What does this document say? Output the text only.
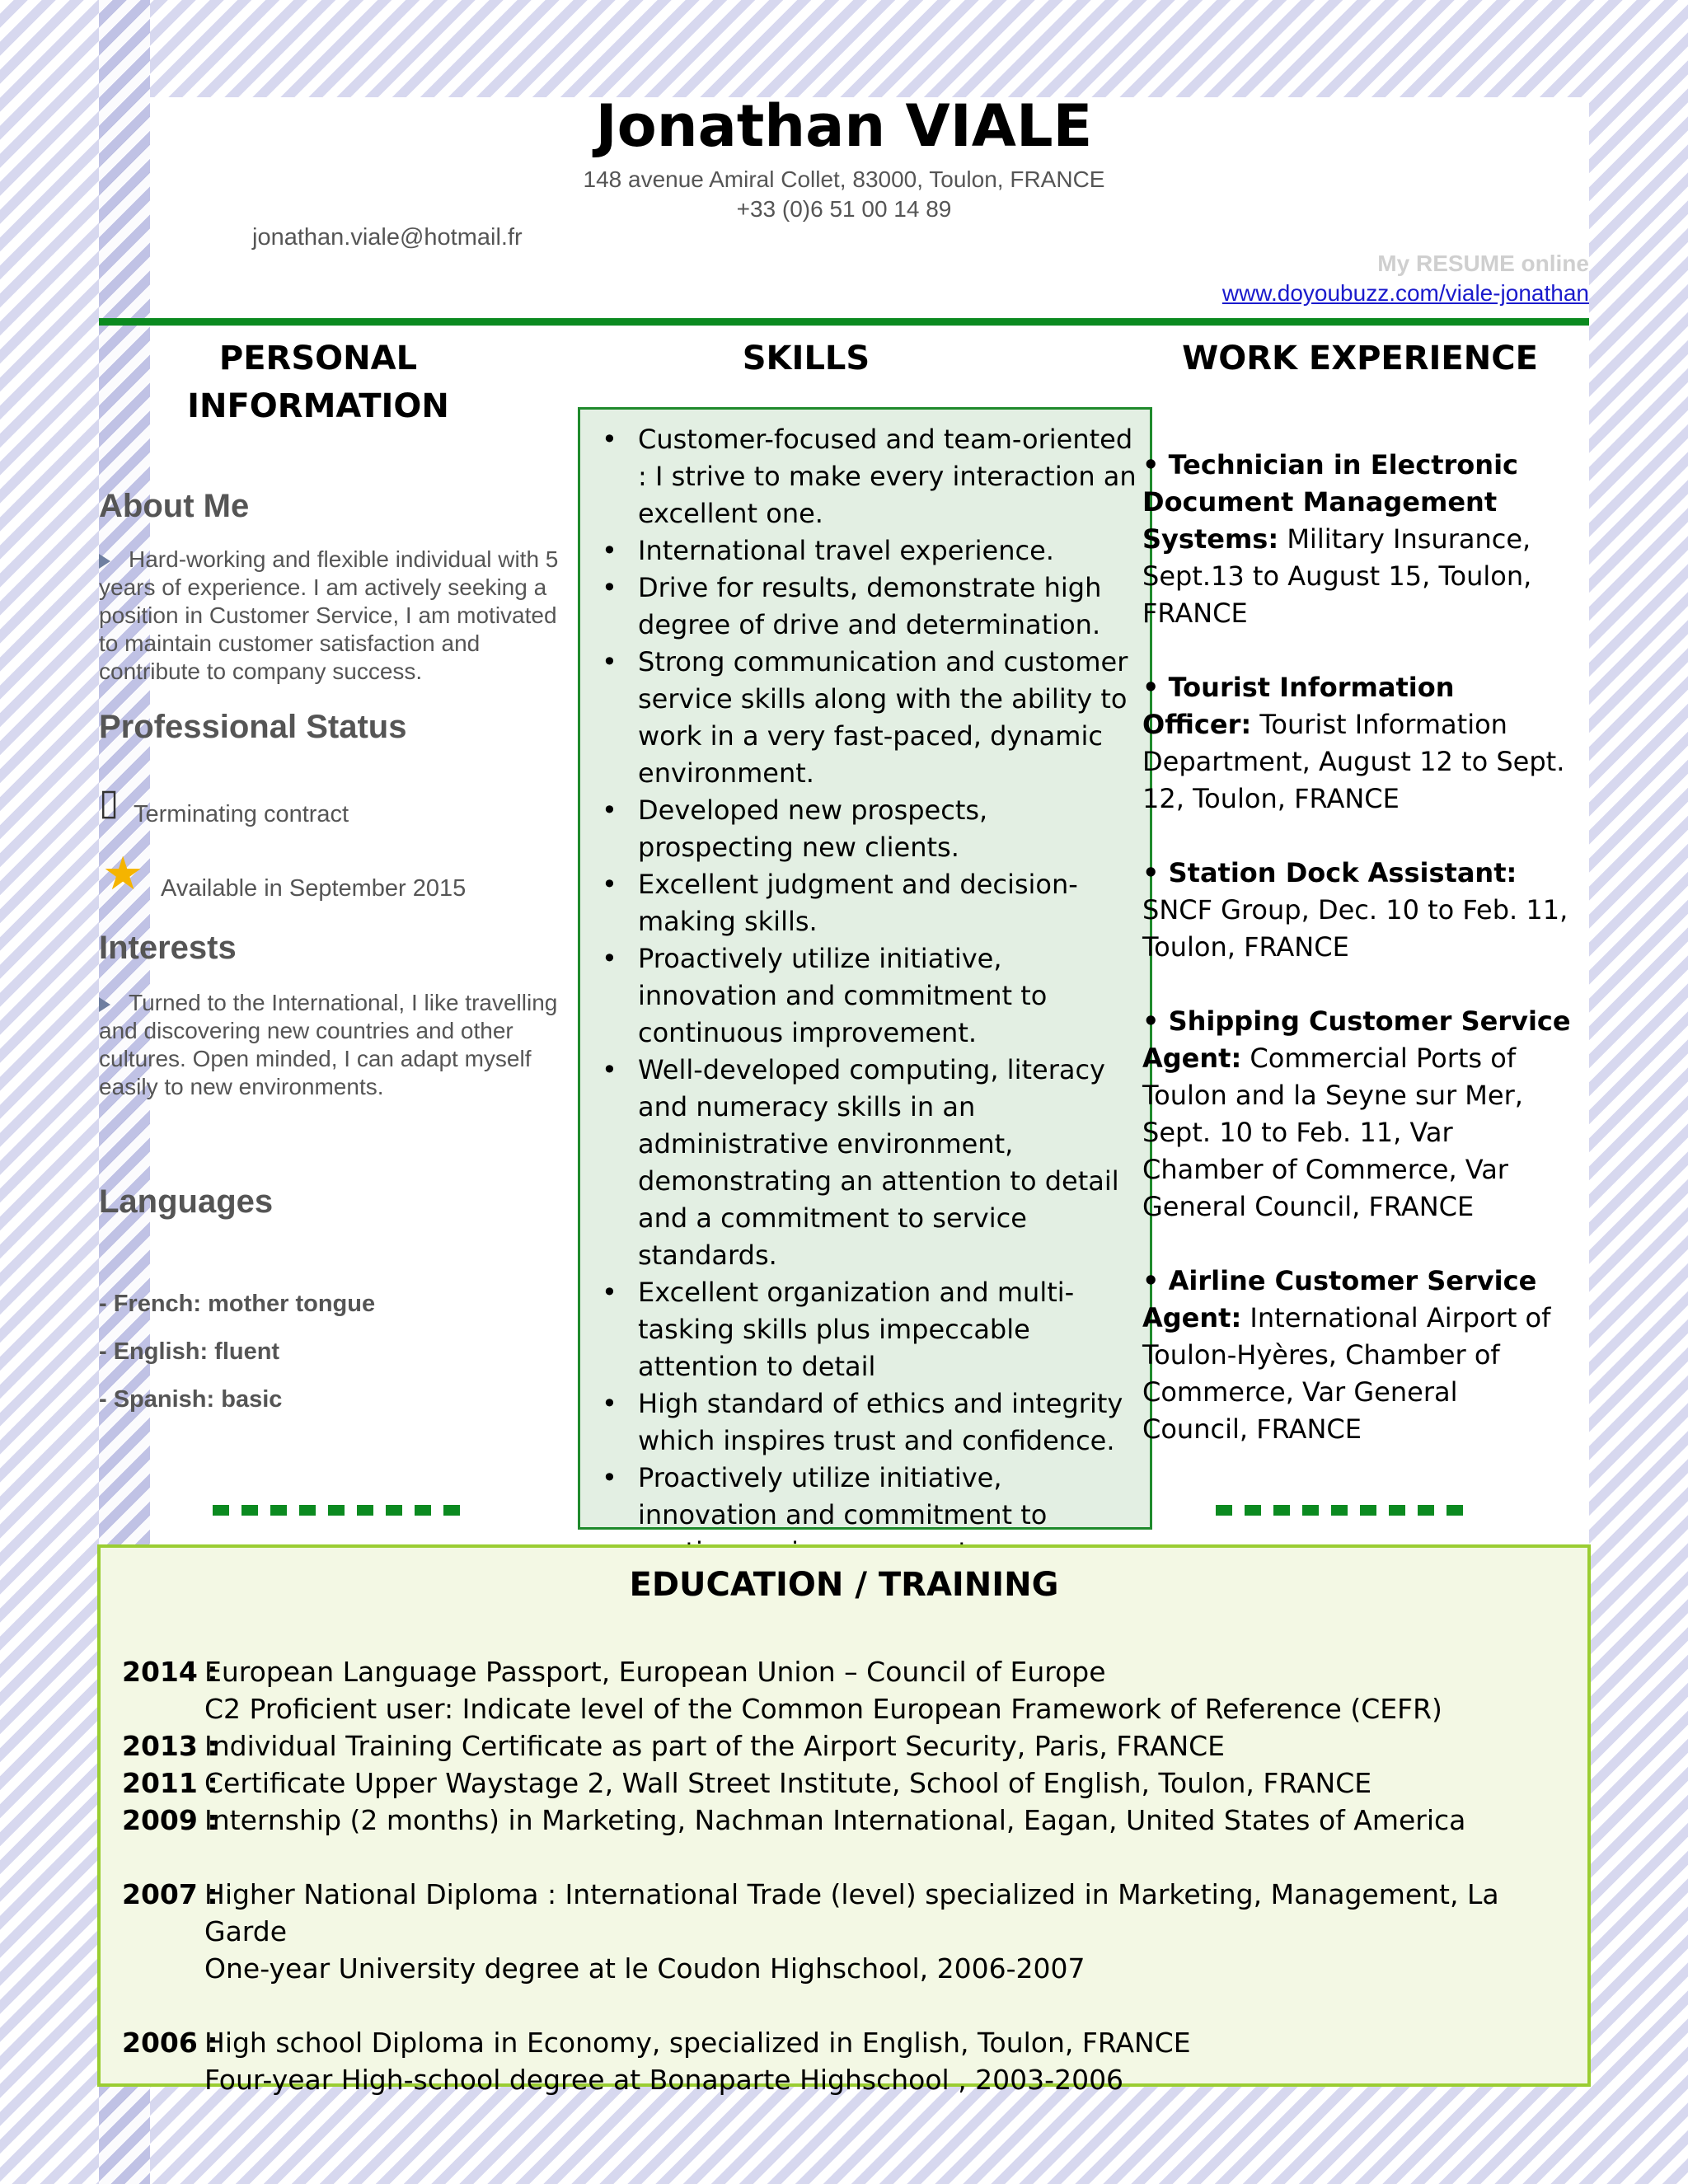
Jonathan VIALE
148 avenue Amiral Collet, 83000, Toulon, FRANCE
+33 (0)6 51 00 14 89
jonathan.viale@hotmail.fr
My RESUME online
www.doyoubuzz.com/viale-jonathan
PERSONAL
INFORMATION
SKILLS	WORK EXPERIENCE
About Me
Hard-working and flexible individual with 5 years of experience. I am actively seeking a position in Customer Service, I am motivated to maintain customer satisfaction and contribute to company success.
Professional Status
▯ Terminating contract
★ Available in September 2015
Interests
Turned to the International, I like travelling and discovering new countries and other cultures. Open minded, I can adapt myself easily to new environments.
Languages
- French: mother tongue
- English: fluent
- Spanish: basic
• Customer-focused and team-oriented : I strive to make every interaction an excellent one.
• International travel experience.
• Drive for results, demonstrate high degree of drive and determination.
• Strong communication and customer service skills along with the ability to work in a very fast-paced, dynamic environment.
• Developed new prospects, prospecting new clients.
• Excellent judgment and decision-making skills.
• Proactively utilize initiative, innovation and commitment to continuous improvement.
• Well-developed computing, literacy and numeracy skills in an administrative environment, demonstrating an attention to detail and a commitment to service standards.
• Excellent organization and multi-tasking skills plus impeccable attention to detail
• High standard of ethics and integrity which inspires trust and confidence.
• Proactively utilize initiative, innovation and commitment to
• Technician in Electronic Document Management Systems: Military Insurance, Sept.13 to August 15, Toulon, FRANCE
• Tourist Information Officer: Tourist Information Department, August 12 to Sept. 12, Toulon, FRANCE
• Station Dock Assistant: SNCF Group, Dec. 10 to Feb. 11, Toulon, FRANCE
• Shipping Customer Service Agent: Commercial Ports of Toulon and la Seyne sur Mer, Sept. 10 to Feb. 11, Var Chamber of Commerce, Var General Council, FRANCE
• Airline Customer Service Agent: International Airport of Toulon-Hyères, Chamber of Commerce, Var General Council, FRANCE
EDUCATION / TRAINING
2014 :
European Language Passport, European Union – Council of Europe
C2 Proficient user: Indicate level of the Common European Framework of Reference (CEFR)
2013 :
Individual Training Certificate as part of the Airport Security, Paris, FRANCE
2011 :
Certificate Upper Waystage 2, Wall Street Institute, School of English, Toulon, FRANCE
2009 :
Internship (2 months) in Marketing, Nachman International, Eagan, United States of America
2007 :
Higher National Diploma : International Trade (level) specialized in Marketing, Management, La Garde
One-year University degree at le Coudon Highschool, 2006-2007
2006 :
High school Diploma in Economy, specialized in English, Toulon, FRANCE
Four-year High-school degree at Bonaparte Highschool , 2003-2006
